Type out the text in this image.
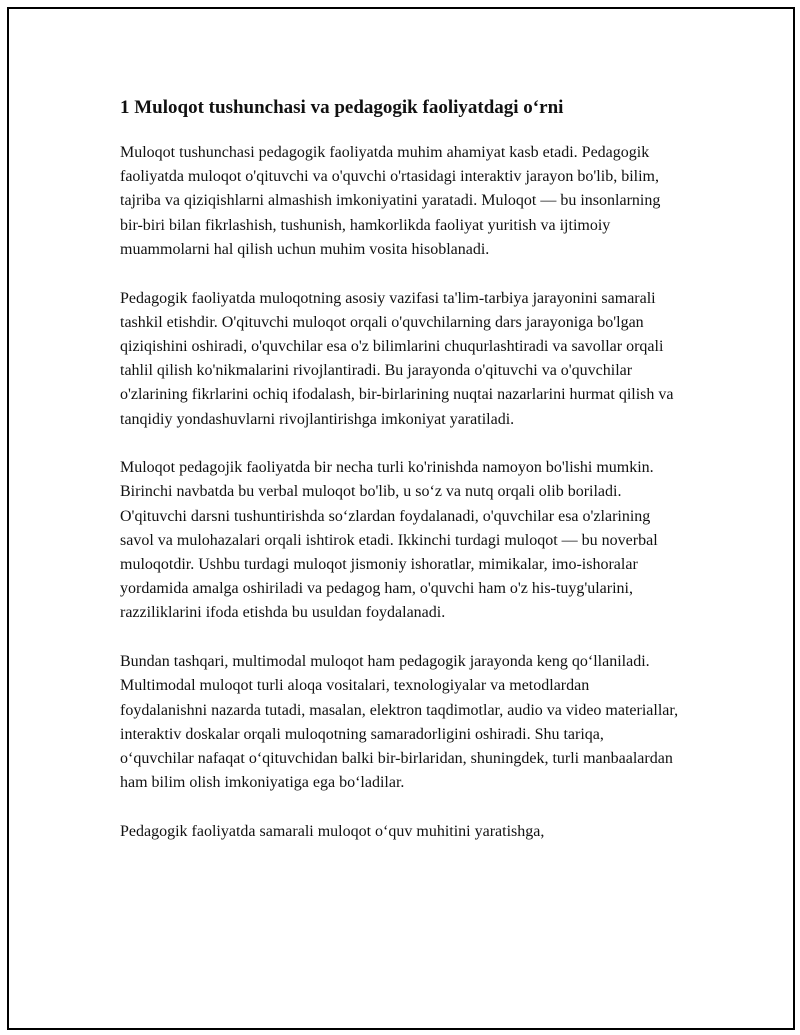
1 Muloqot tushunchasi va pedagogik faoliyatdagi o‘rni

Muloqot tushunchasi pedagogik faoliyatda muhim ahamiyat kasb etadi. Pedagogik faoliyatda muloqot o'qituvchi va o'quvchi o'rtasidagi interaktiv jarayon bo'lib, bilim, tajriba va qiziqishlarni almashish imkoniyatini yaratadi. Muloqot — bu insonlarning bir-biri bilan fikrlashish, tushunish, hamkorlikda faoliyat yuritish va ijtimoiy muammolarni hal qilish uchun muhim vosita hisoblanadi.

Pedagogik faoliyatda muloqotning asosiy vazifasi ta'lim-tarbiya jarayonini samarali tashkil etishdir. O'qituvchi muloqot orqali o'quvchilarning dars jarayoniga bo'lgan qiziqishini oshiradi, o'quvchilar esa o'z bilimlarini chuqurlashtiradi va savollar orqali tahlil qilish ko'nikmalarini rivojlantiradi. Bu jarayonda o'qituvchi va o'quvchilar o'zlarining fikrlarini ochiq ifodalash, bir-birlarining nuqtai nazarlarini hurmat qilish va tanqidiy yondashuvlarni rivojlantirishga imkoniyat yaratiladi.

Muloqot pedagojik faoliyatda bir necha turli ko'rinishda namoyon bo'lishi mumkin. Birinchi navbatda bu verbal muloqot bo'lib, u so‘z va nutq orqali olib boriladi. O'qituvchi darsni tushuntirishda so‘zlardan foydalanadi, o'quvchilar esa o'zlarining savol va mulohazalari orqali ishtirok etadi. Ikkinchi turdagi muloqot — bu noverbal muloqotdir. Ushbu turdagi muloqot jismoniy ishoratlar, mimikalar, imo-ishoralar yordamida amalga oshiriladi va pedagog ham, o'quvchi ham o'z his-tuyg'ularini, razziliklarini ifoda etishda bu usuldan foydalanadi.

Bundan tashqari, multimodal muloqot ham pedagogik jarayonda keng qo‘llaniladi. Multimodal muloqot turli aloqa vositalari, texnologiyalar va metodlardan foydalanishni nazarda tutadi, masalan, elektron taqdimotlar, audio va video materiallar, interaktiv doskalar orqali muloqotning samaradorligini oshiradi. Shu tariqa, o‘quvchilar nafaqat o‘qituvchidan balki bir-birlaridan, shuningdek, turli manbaalardan ham bilim olish imkoniyatiga ega bo‘ladilar.

Pedagogik faoliyatda samarali muloqot o‘quv muhitini yaratishga,
